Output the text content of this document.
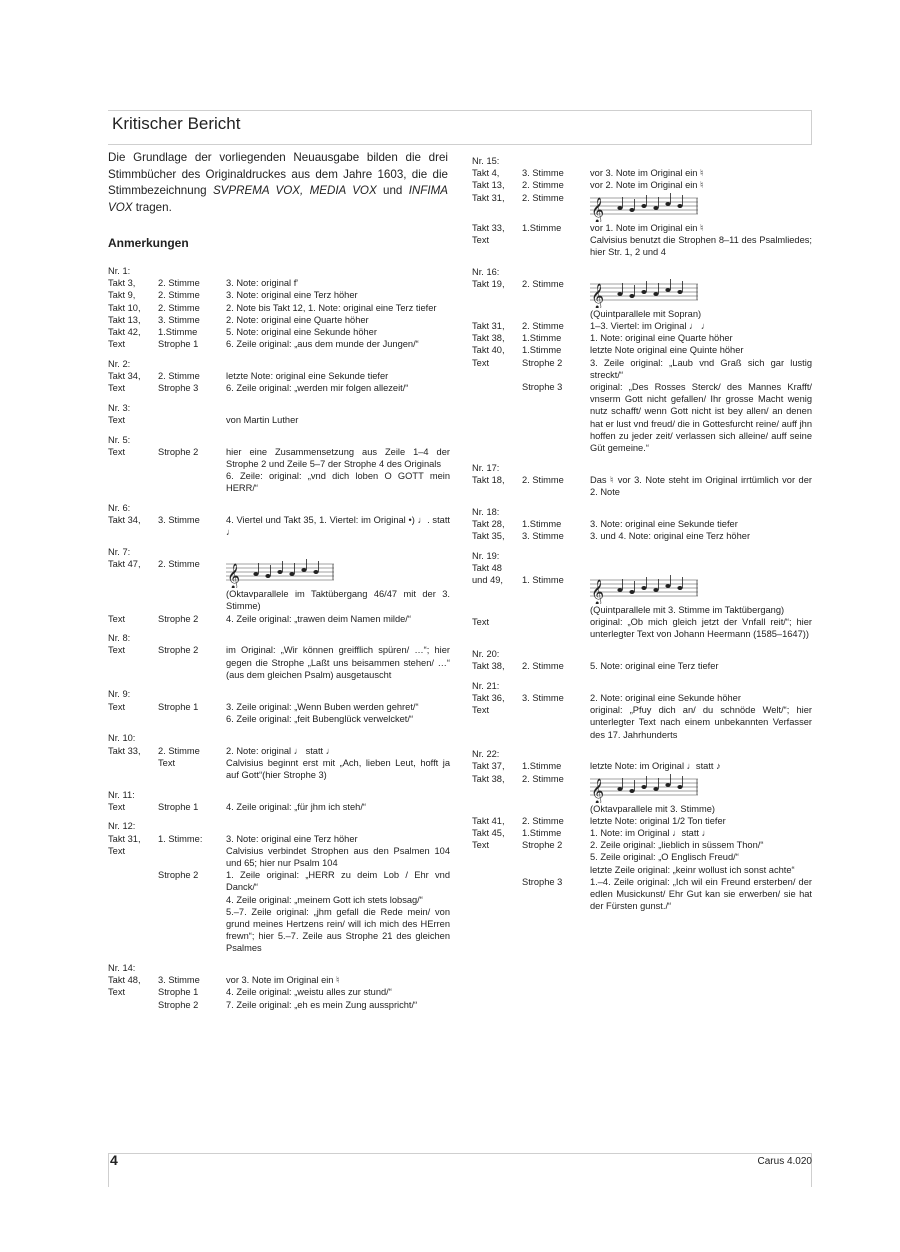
Kritischer Bericht
Die Grundlage der vorliegenden Neuausgabe bilden die drei Stimmbücher des Originaldruckes aus dem Jahre 1603, die die Stimmbezeichnung SVPREMA VOX, MEDIA VOX und INFIMA VOX tragen.
Anmerkungen
Nr. 1:
Takt 3,	2. Stimme	3. Note: original f'
Takt 9,	2. Stimme	3. Note: original eine Terz höher
Takt 10,	2. Stimme	2. Note bis Takt 12, 1. Note: original eine Terz tiefer
Takt 13,	3. Stimme	2. Note: original eine Quarte höher
Takt 42,	1.Stimme	5. Note: original eine Sekunde höher
Text	Strophe 1	6. Zeile original: „aus dem munde der Jungen/“
Nr. 2:
Takt 34,	2. Stimme	letzte Note: original eine Sekunde tiefer
Text	Strophe 3	6. Zeile original: „werden mir folgen allezeit/“
Nr. 3:
Text	von Martin Luther
Nr. 5:
Text	Strophe 2	hier eine Zusammensetzung aus Zeile 1–4 der Strophe 2 und Zeile 5–7 der Strophe 4 des Originals
6. Zeile: original: „vnd dich loben O GOTT mein HERR/“
Nr. 6:
Takt 34,	3. Stimme	4. Viertel und Takt 35, 1. Viertel: im Original •) ♩. statt ♩
Nr. 7:
Takt 47,	2. Stimme	𝄞
(Oktavparallele im Taktübergang 46/47 mit der 3. Stimme)
Text	Strophe 2	4. Zeile original: „trawen deim Namen milde/“
Nr. 8:
Text	Strophe 2	im Original: „Wir können greifflich spüren/ …“; hier gegen die Strophe „Laßt uns beisammen stehen/ …“ (aus dem gleichen Psalm) ausgetauscht
Nr. 9:
Text	Strophe 1	3. Zeile original: „Wenn Buben werden gehret/“
6. Zeile original: „feit Bubenglück verwelcket/“
Nr. 10:
Takt 33,	2. Stimme	2. Note: original ♩ statt ♩
Text	Calvisius beginnt erst mit „Ach, lieben Leut, hofft ja auf Gott“(hier Strophe 3)
Nr. 11:
Text	Strophe 1	4. Zeile original: „für jhm ich steh/“
Nr. 12:
Takt 31,	1. Stimme:	3. Note: original eine Terz höher
Text	Calvisius verbindet Strophen aus den Psalmen 104 und 65; hier nur Psalm 104
Strophe 2	1. Zeile original: „HERR zu deim Lob / Ehr vnd Danck/“
4. Zeile original: „meinem Gott ich stets lobsag/“
5.–7. Zeile original: „jhm gefall die Rede mein/ von grund meines Hertzens rein/ will ich mich des HErren frewn“; hier 5.–7. Zeile aus Strophe 21 des gleichen Psalmes
Nr. 14:
Takt 48,	3. Stimme	vor 3. Note im Original ein ♮
Text	Strophe 1	4. Zeile original: „weistu alles zur stund/“
Strophe 2	7. Zeile original: „eh es mein Zung ausspricht/“
Nr. 15:
Takt 4,	3. Stimme	vor 3. Note im Original ein ♮
Takt 13,	2. Stimme	vor 2. Note im Original ein ♮
Takt 31,	2. Stimme	𝄞
Takt 33,	1.Stimme	vor 1. Note im Original ein ♮
Text	Calvisius benutzt die Strophen 8–11 des Psalmliedes; hier Str. 1, 2 und 4
Nr. 16:
Takt 19,	2. Stimme	𝄞
(Quintparallele mit Sopran)
Takt 31,	2. Stimme	1–3. Viertel: im Original ♩ ♩
Takt 38,	1.Stimme	1. Note: original eine Quarte höher
Takt 40,	1.Stimme	letzte Note original eine Quinte höher
Text	Strophe 2	3. Zeile original: „Laub vnd Graß sich gar lustig streckt/“
Strophe 3	original: „Des Rosses Sterck/ des Mannes Krafft/ vnserm Gott nicht gefallen/ Ihr grosse Macht wenig nutz schafft/ wenn Gott nicht ist bey allen/ an denen hat er lust vnd freud/ die in Gottesfurcht reine/ auff jhn hoffen zu jeder zeit/ verlassen sich alleine/ auff seine Güt gemeine.“
Nr. 17:
Takt 18,	2. Stimme	Das ♮ vor 3. Note steht im Original irrtümlich vor der 2. Note
Nr. 18:
Takt 28,	1.Stimme	3. Note: original eine Sekunde tiefer
Takt 35,	3. Stimme	3. und 4. Note: original eine Terz höher
Nr. 19:
Takt 48
und 49,	1. Stimme	𝄞
(Quintparallele mit 3. Stimme im Taktübergang)
Text	original: „Ob mich gleich jetzt der Vnfall reit/“; hier unterlegter Text von Johann Heermann (1585–1647))
Nr. 20:
Takt 38,	2. Stimme	5. Note: original eine Terz tiefer
Nr. 21:
Takt 36,	3. Stimme	2. Note: original eine Sekunde höher
Text	original: „Pfuy dich an/ du schnöde Welt/“; hier unterlegter Text nach einem unbekannten Verfasser des 17. Jahrhunderts
Nr. 22:
Takt 37,	1.Stimme	letzte Note: im Original ♩statt ♪
Takt 38,	2. Stimme	𝄞
(Oktavparallele mit 3. Stimme)
Takt 41,	2. Stimme	letzte Note: original 1/2 Ton tiefer
Takt 45,	1.Stimme	1. Note: im Original ♩statt ♩
Text	Strophe 2	2. Zeile original: „lieblich in süssem Thon/“
5. Zeile original: „O Englisch Freud/“
letzte Zeile original: „keinr wollust ich sonst achte“
Strophe 3	1.–4. Zeile original: „Ich wil ein Freund ersterben/ der edlen Musickunst/ Ehr Gut kan sie erwerben/ sie hat der Fürsten gunst./“
4	Carus 4.020
